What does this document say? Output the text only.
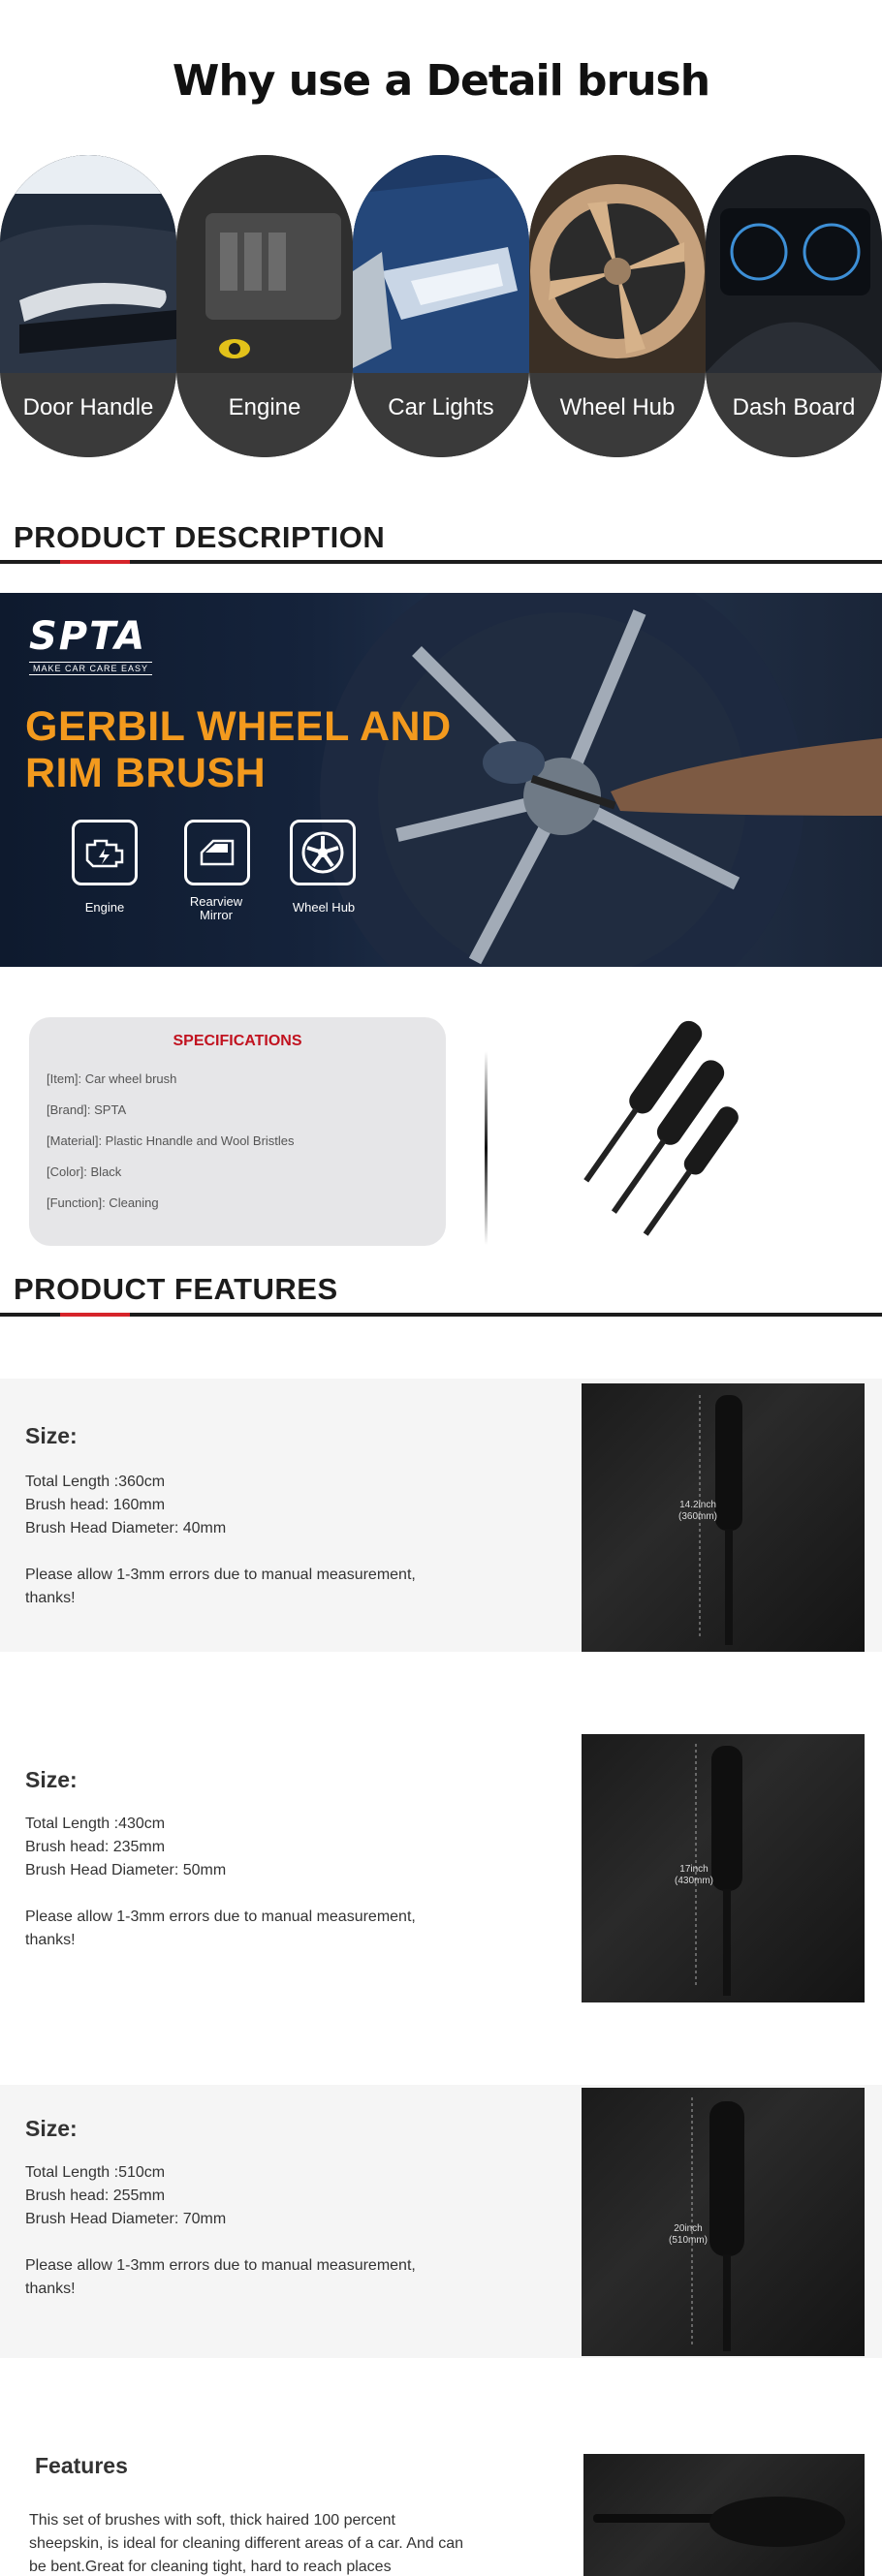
Why use a Detail brush
Door Handle	Engine	Car Lights	Wheel Hub	Dash Board
PRODUCT DESCRIPTION
SPTA
MAKE CAR CARE EASY
GERBIL WHEEL AND
RIM BRUSH
Engine	Rearview
Mirror
Wheel Hub
SPECIFICATIONS
[Item]: Car wheel brush
[Brand]: SPTA
[Material]: Plastic Hnandle and Wool Bristles
[Color]: Black
[Function]: Cleaning
PRODUCT FEATURES
Size:
Total Length :360cm
Brush head: 160mm
Brush Head Diameter: 40mm
Please allow 1-3mm errors due to manual measurement,
thanks!
14.2inch
(360mm)
Size:
Total Length :430cm
Brush head: 235mm
Brush Head Diameter: 50mm
Please allow 1-3mm errors due to manual measurement,
thanks!
17inch
(430mm)
Size:
Total Length :510cm
Brush head: 255mm
Brush Head Diameter: 70mm
Please allow 1-3mm errors due to manual measurement,
thanks!
20inch
(510mm)
Features
This set of brushes with soft, thick haired 100 percent sheepskin, is ideal for cleaning different areas of a car. And can be bent.Great for cleaning tight, hard to reach places
